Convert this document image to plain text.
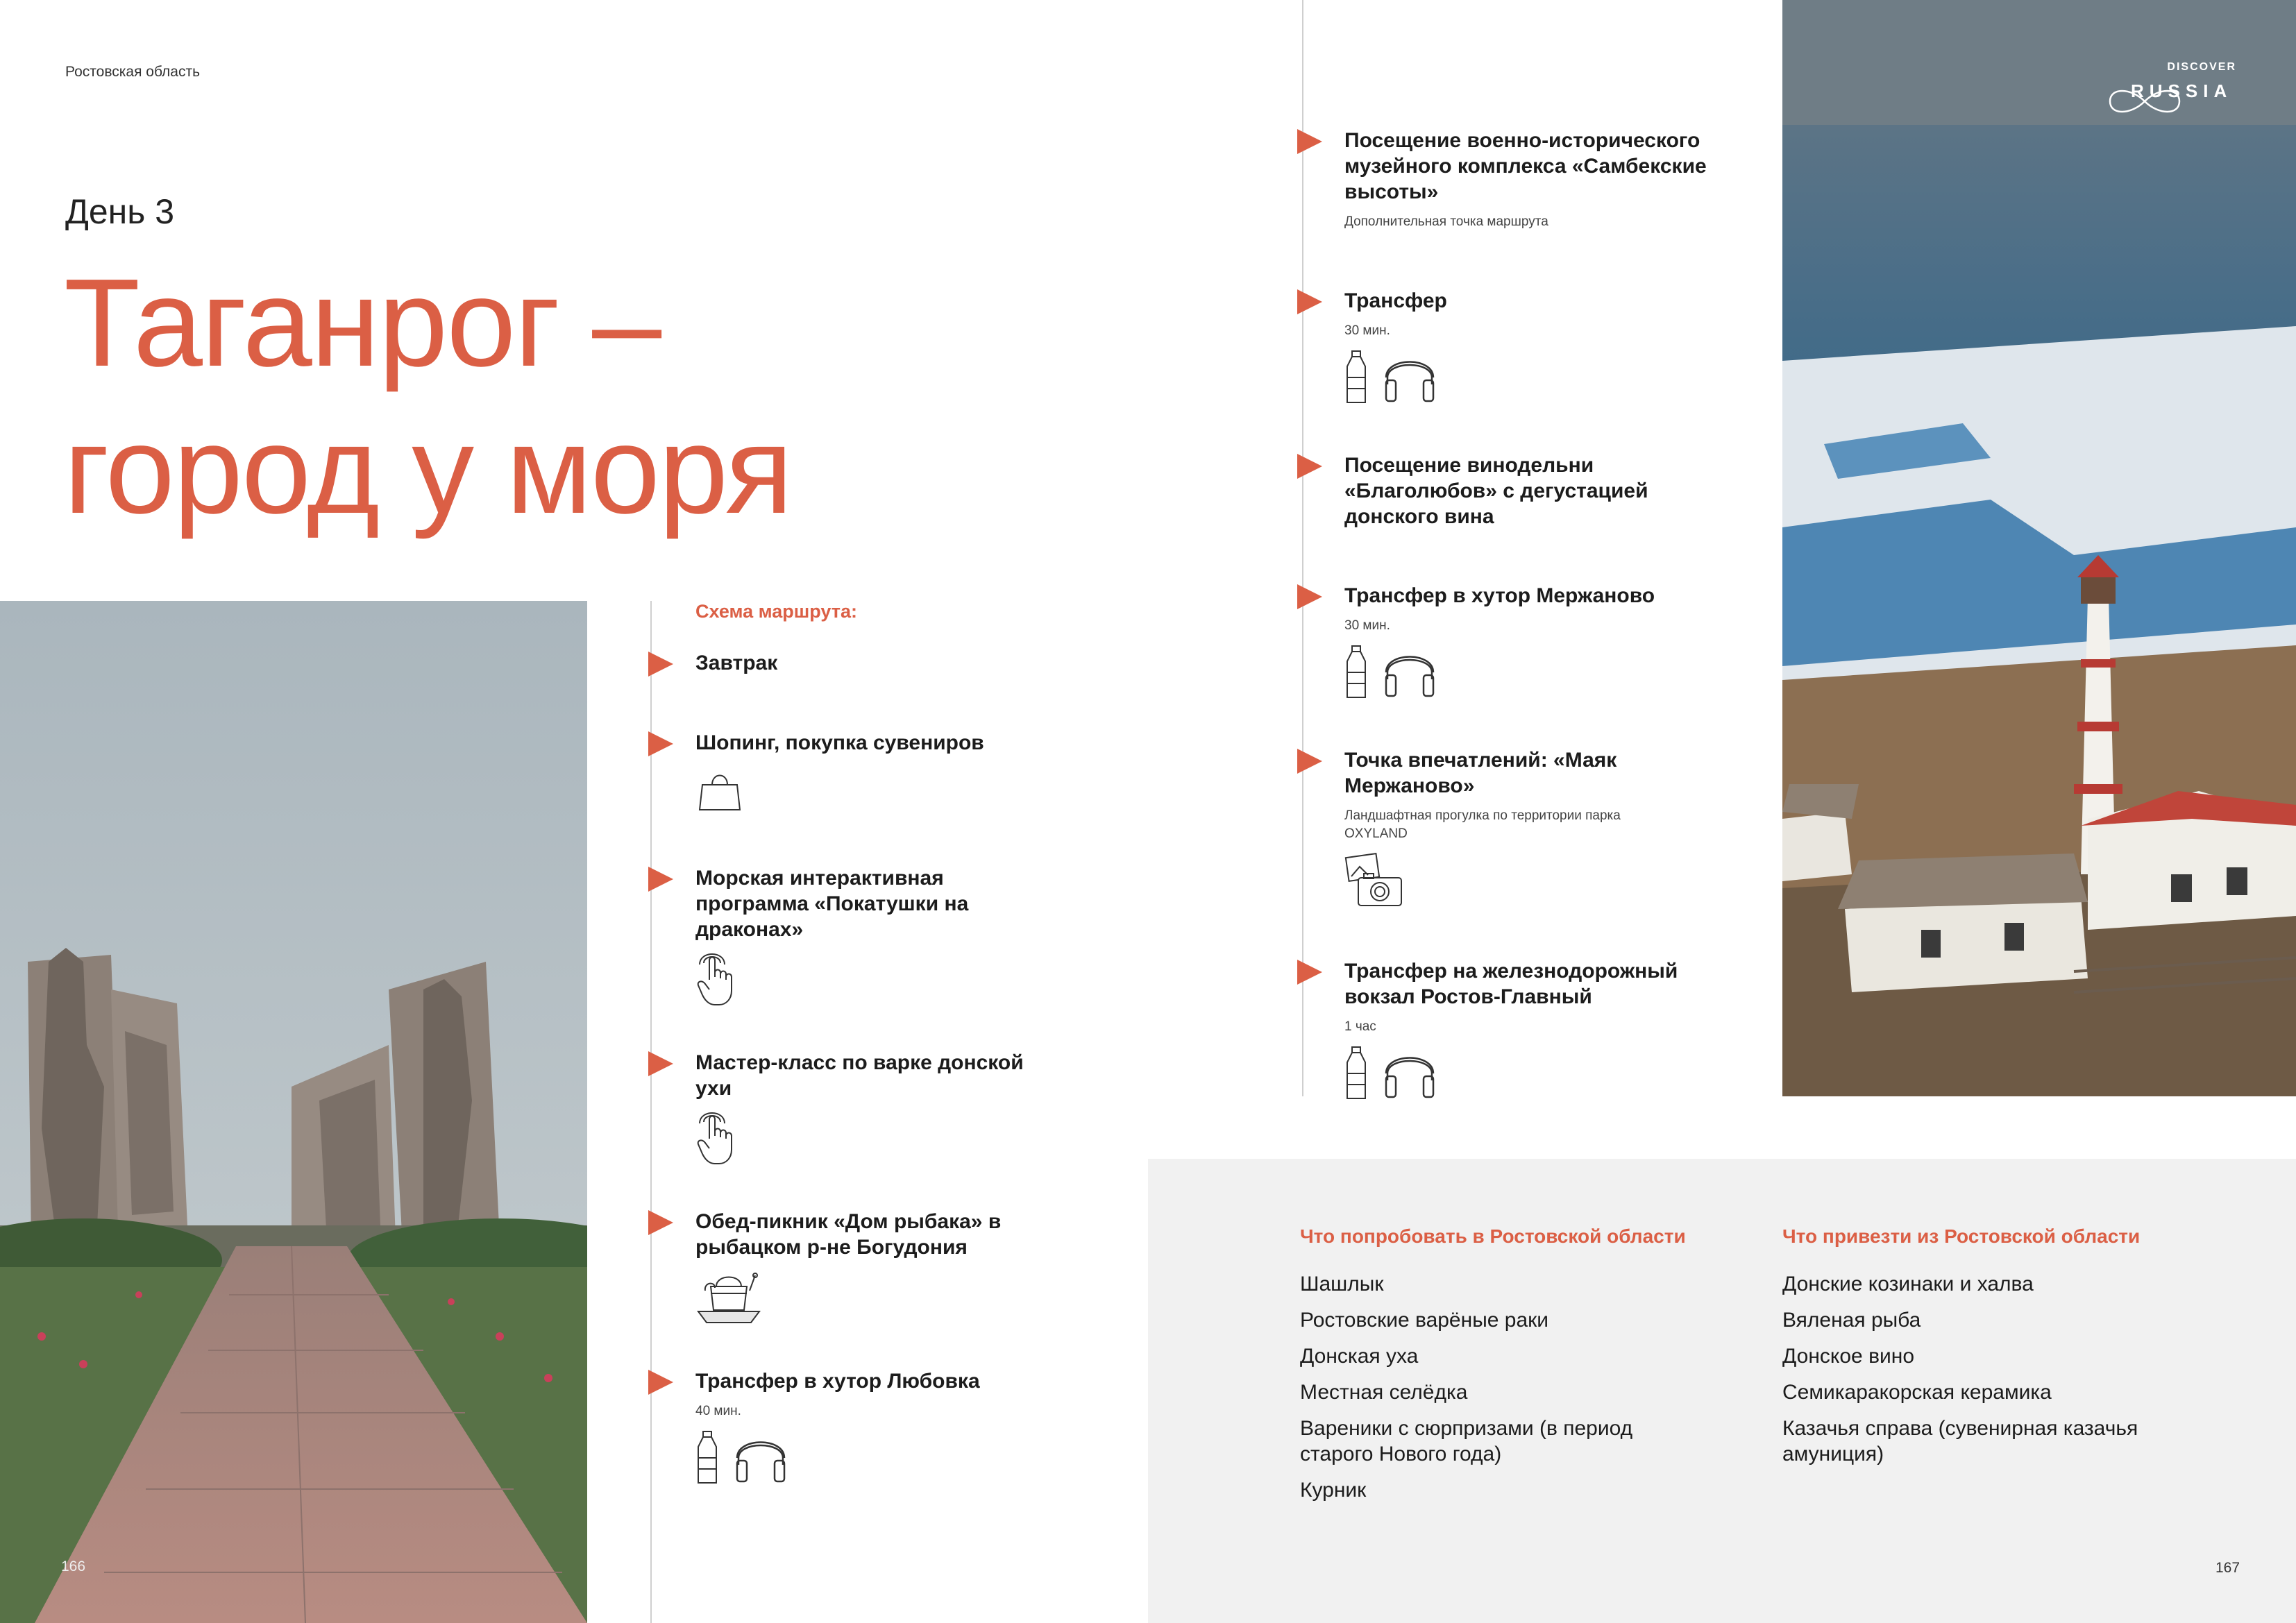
Ростовская область
День 3
Таганрог –
город у моря
Схема маршрута:
Завтрак
Шопинг, покупка сувениров
Морская интерактивная программа «Покатушки на драконах»
Мастер-класс по варке донской ухи
Обед-пикник «Дом рыбака» в рыбацком р-не Богудония
Трансфер в хутор Любовка
40 мин.
166
Посещение военно-исторического музейного комплекса «Самбекские высоты»
Дополнительная точка маршрута
Трансфер
30 мин.
Посещение винодельни «Благолюбов» с дегустацией донского вина
Трансфер в хутор Мержаново
30 мин.
Точка впечатлений: «Маяк Мержаново»
Ландшафтная прогулка по территории парка OXYLAND
Трансфер на железнодорожный вокзал Ростов-Главный
1 час
DISCOVER
RUSSIA
Что попробовать в Ростовской области
Шашлык
Ростовские варёные раки
Донская уха
Местная селёдка
Вареники с сюрпризами (в период старого Нового года)
Курник
Что привезти из Ростовской области
Донские козинаки и халва
Вяленая рыба
Донское вино
Семикаракорская керамика
Казачья справа (сувенирная казачья амуниция)
167
